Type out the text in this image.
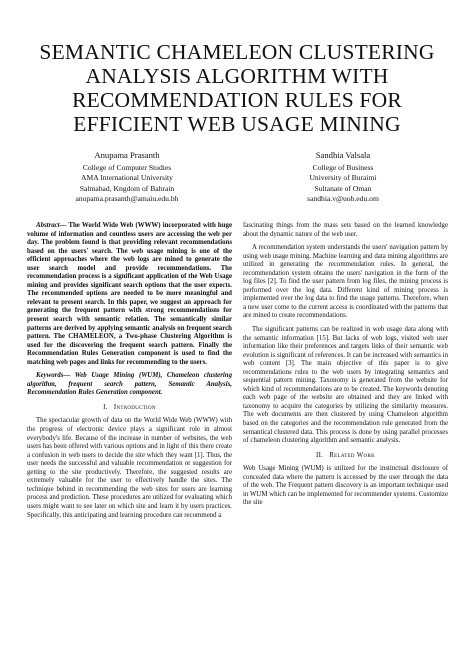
SEMANTIC CHAMELEON CLUSTERING ANALYSIS ALGORITHM WITH RECOMMENDATION RULES FOR EFFICIENT WEB USAGE MINING
Anupama Prasanth
College of Computer Studies
AMA International University
Salmabad, Kngdom of Bahrain
anupama.prasanth@amaiu.edu.bh
Sandhia Valsala
College of Business
University of Buraimi
Sultanate of Oman
sandhia.v@uob.edu.om

Abstract— The World Wide Web (WWW) incorporated with huge volume of information and countless users are accessing the web per day. The problem found is that providing relevant recommendations based on the users' search. The web usage mining is one of the efficient approaches where the web logs are mined to generate the user search model and provide recommendations. The recommendation process is a significant application of the Web Usage mining and provides significant search options that the user expects. The recommended options are needed to be more meaningful and relevant to present search. In this paper, we suggest an approach for generating the frequent pattern with strong recommendations for present search with semantic relation. The semantically similar patterns are derived by applying semantic analysis on frequent search pattern. The CHAMELEON, a Two-phase Clustering Algorithm is used for the discovering the frequent search pattern. Finally the Recommendation Rules Generation component is used to find the matching web pages and links for recommending to the users.

Keywords— Web Usage Mining (WUM), Chameleon clustering algorithm, frequent search pattern, Semantic Analysis, Recommendation Rules Generation component.

I. Introduction

The spectacular growth of data on the World Wide Web (WWW) with the progress of electronic device plays a significant role in almost everybody's life. Because of the increase in number of websites, the web users has been offered with various options and in light of this there create a confusion in web users to decide the site which they want [1]. Thus, the user needs the successful and valuable recommendation or suggestion for getting to the site productively. Therefore, the suggested results are extremely valuable for the user to effectively handle the sites. The technique behind in recommending the web sites for users are learning process and prediction. These procedures are utilized for evaluating which users might want to see later on which site and learn it by users practices. Specifically, this anticipating and learning procedure can recommend a

fascinating things from the mass sets based on the learned knowledge about the dynamic nature of the web user.

A recommendation system understands the users' navigation pattern by using web usage mining. Machine learning and data mining algorithms are utilized in generating the recommendation rules. In general, the recommendation system obtains the users' navigation in the form of the log files [2]. To find the user pattern from log files, the mining process is performed over the log data. Different kind of mining process is implemented over the log data to find the usage patterns. Therefore, when a new user come to the current access is coordinated with the patterns that are mined to create recommendations.

The significant patterns can be realized in web usage data along with the semantic information [15]. But lacks of web logs, visited web user information like their preferences and targets links of their semantic web evolution is significant of references. It can be increased with semantics in web content [3]. The main objective of this paper is to give recommendations rules to the web users by integrating semantics and sequential pattern mining. Taxonomy is generated from the website for which kind of recommendations are to be created. The keywords denoting each web page of the website are obtained and they are linked with taxonomy to acquire the categories by utilizing the similarity measures. The web documents are then clustered by using Chameleon algorithm based on the categories and the recommendation rule generated from the semantical clustered data. This process is done by using parallel processes of chameleon clustering algorithm and semantic analysis.

II. Related Work

Web Usage Mining (WUM) is utilized for the instinctual disclosure of concealed data where the pattern is accessed by the user through the data of the web. The Frequent pattern discovery is an important technique used in WUM which can be implemented for recommender systems. Customize the site
